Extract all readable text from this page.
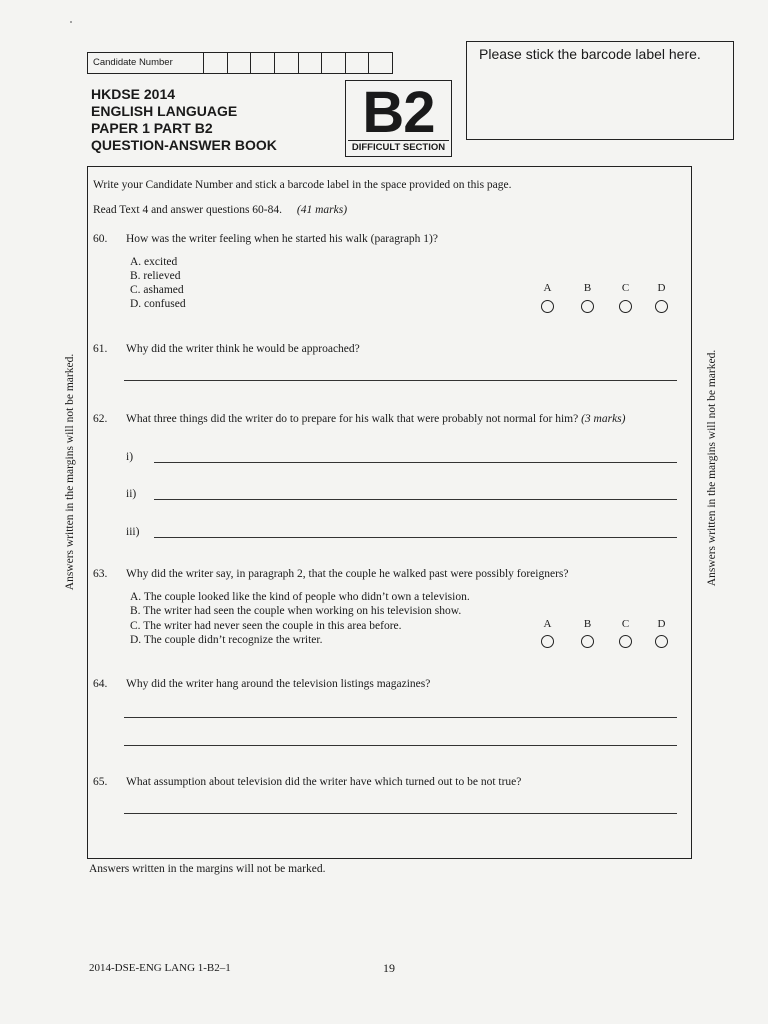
Candidate Number
HKDSE 2014
ENGLISH LANGUAGE
PAPER 1 PART B2
QUESTION-ANSWER BOOK B2
DIFFICULT SECTION
Please stick the barcode label here.
Answers written in the margins will not be marked.	Answers written in the margins will not be marked.
Write your Candidate Number and stick a barcode label in the space provided on this page.
Read Text 4 and answer questions 60-84. (41 marks)
60. How was the writer feeling when he started his walk (paragraph 1)?
A. excited
B. relieved
C. ashamed
D. confused
A	B	C	D
61. Why did the writer think he would be approached?
62. What three things did the writer do to prepare for his walk that were probably not normal for him? (3 marks)
i)
ii)
iii)
63. Why did the writer say, in paragraph 2, that the couple he walked past were possibly foreigners?
A. The couple looked like the kind of people who didn’t own a television.
B. The writer had seen the couple when working on his television show.
C. The writer had never seen the couple in this area before.
D. The couple didn’t recognize the writer.
A	B	C	D
64. Why did the writer hang around the television listings magazines?
65. What assumption about television did the writer have which turned out to be not true?
Answers written in the margins will not be marked.
2014-DSE-ENG LANG 1-B2–1	19
